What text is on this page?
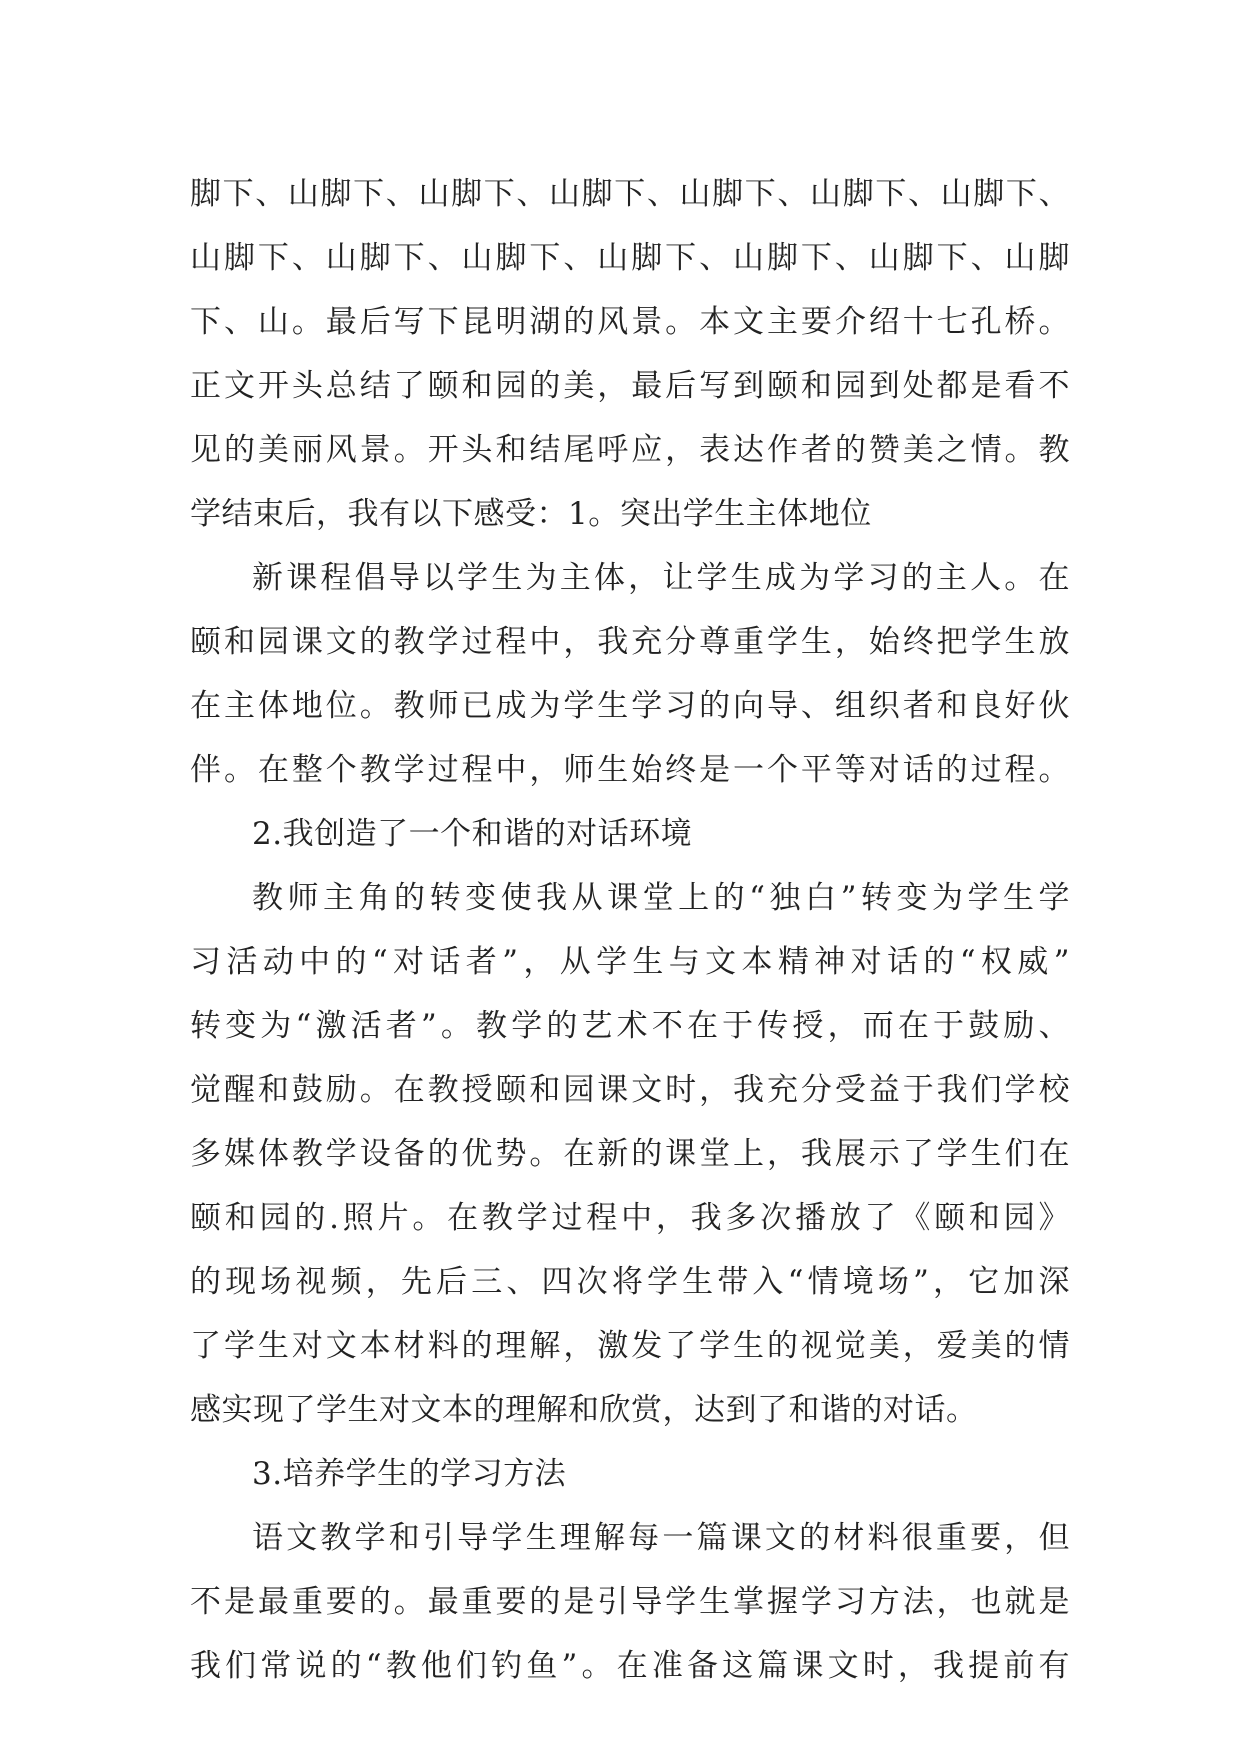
脚下、山脚下、山脚下、山脚下、山脚下、山脚下、山脚下、
山脚下、山脚下、山脚下、山脚下、山脚下、山脚下、山脚
下、山。最后写下昆明湖的风景。本文主要介绍十七孔桥。
正文开头总结了颐和园的美，最后写到颐和园到处都是看不
见的美丽风景。开头和结尾呼应，表达作者的赞美之情。教
学结束后，我有以下感受：1。突出学生主体地位
新课程倡导以学生为主体，让学生成为学习的主人。在
颐和园课文的教学过程中，我充分尊重学生，始终把学生放
在主体地位。教师已成为学生学习的向导、组织者和良好伙
伴。在整个教学过程中，师生始终是一个平等对话的过程。
2.我创造了一个和谐的对话环境
教师主角的转变使我从课堂上的“独白”转变为学生学
习活动中的“对话者”，从学生与文本精神对话的“权威”
转变为“激活者”。教学的艺术不在于传授，而在于鼓励、
觉醒和鼓励。在教授颐和园课文时，我充分受益于我们学校
多媒体教学设备的优势。在新的课堂上，我展示了学生们在
颐和园的.照片。在教学过程中，我多次播放了《颐和园》
的现场视频，先后三、四次将学生带入“情境场”，它加深
了学生对文本材料的理解，激发了学生的视觉美，爱美的情
感实现了学生对文本的理解和欣赏，达到了和谐的对话。
3.培养学生的学习方法
语文教学和引导学生理解每一篇课文的材料很重要，但
不是最重要的。最重要的是引导学生掌握学习方法，也就是
我们常说的“教他们钓鱼”。在准备这篇课文时，我提前有
